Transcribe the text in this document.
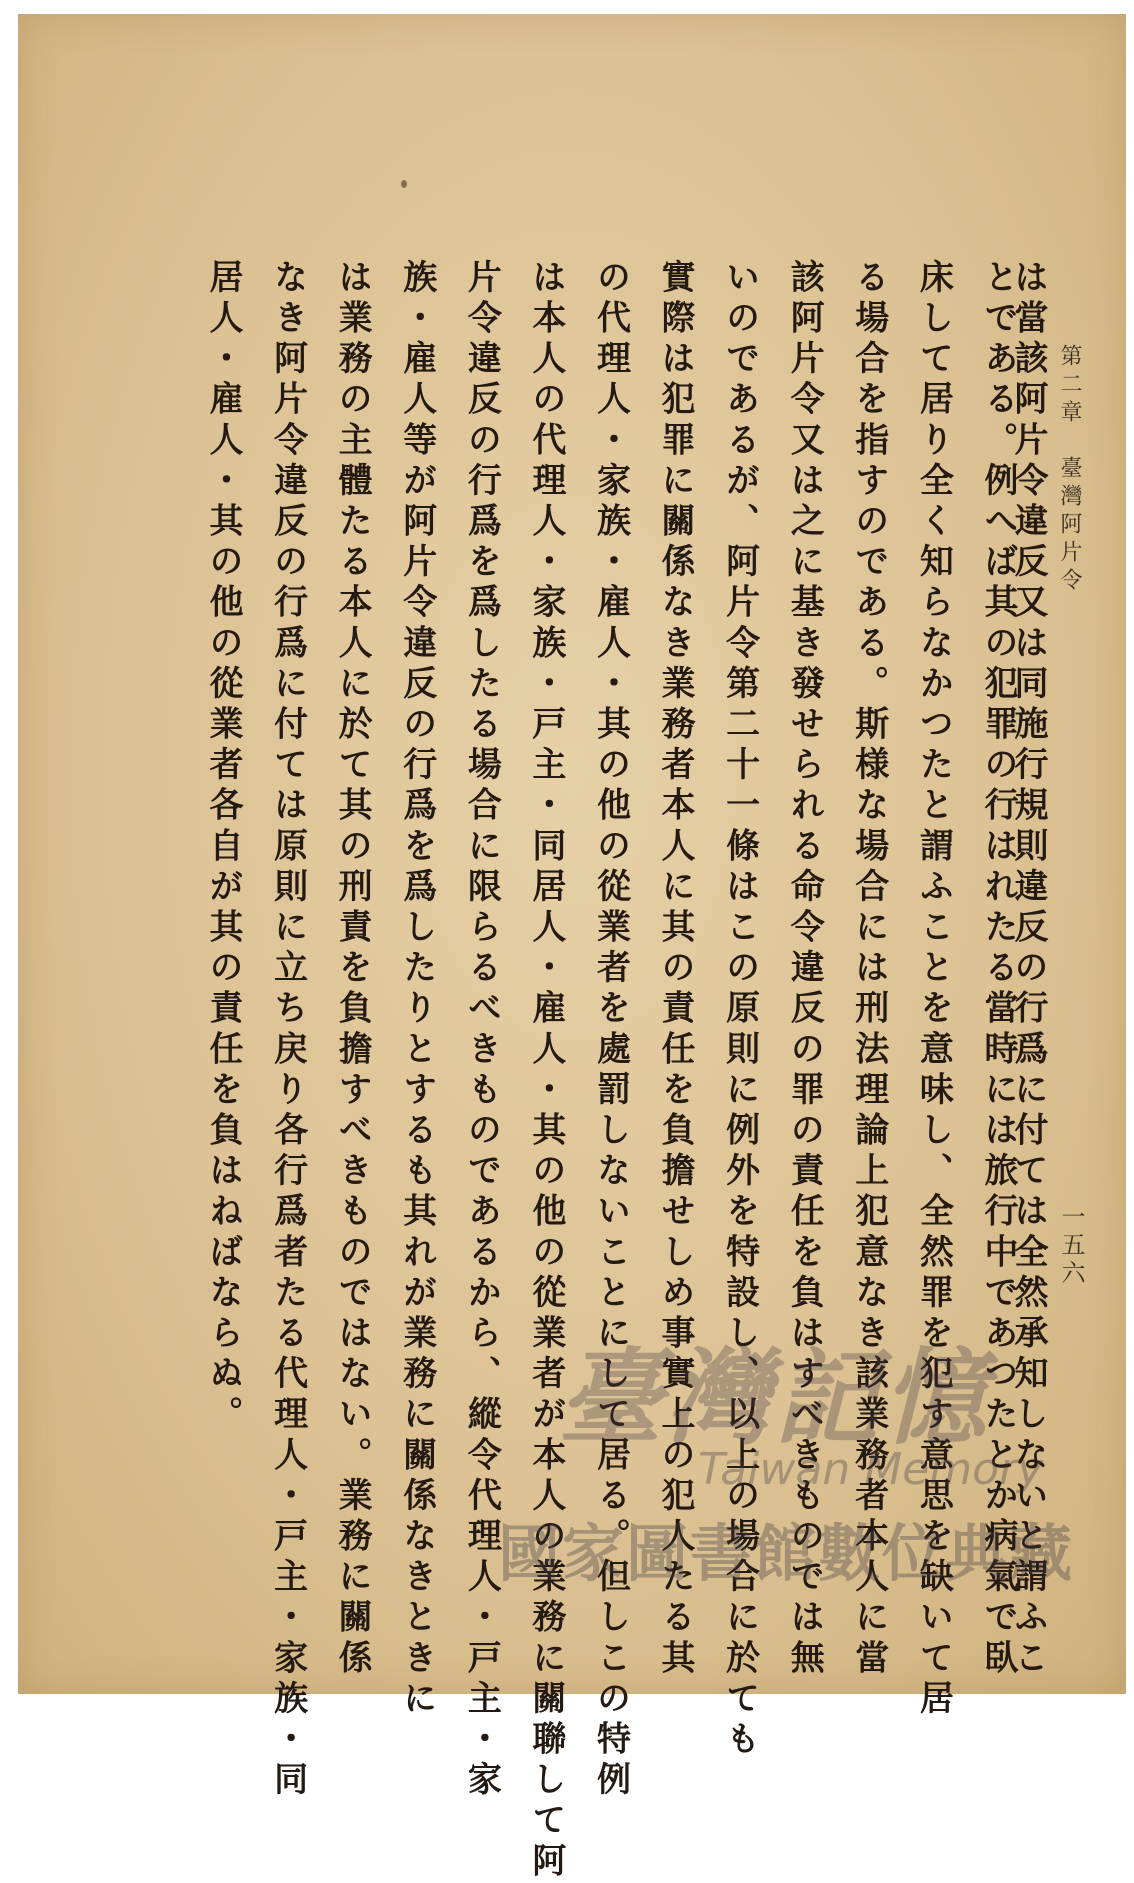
第二章　臺灣阿片令
一五六
とである。例へば其の犯罪の行はれたる當時には旅行中であつたとか病氣で臥
床して居り全く知らなかつたと謂ふことを意味し、全然罪を犯す意思を缺いて居
る場合を指すのである。斯様な場合には刑法理論上犯意なき該業務者本人に當
該阿片令又は之に基き發せられる命令違反の罪の責任を負はすべきものでは無
いのであるが、阿片令第二十一條はこの原則に例外を特設し、以上の場合に於ても
實際は犯罪に關係なき業務者本人に其の責任を負擔せしめ事實上の犯人たる其
の代理人・家族・雇人・其の他の從業者を處罰しないことにして居る。但しこの特例
は本人の代理人・家族・戸主・同居人・雇人・其の他の從業者が本人の業務に關聯して阿
片令違反の行爲を爲したる場合に限らるべきものであるから、縱令代理人・戸主・家
族・雇人等が阿片令違反の行爲を爲したりとするも其れが業務に關係なきときに
は業務の主體たる本人に於て其の刑責を負擔すべきものではない。業務に關係
なき阿片令違反の行爲に付ては原則に立ち戻り各行爲者たる代理人・戸主・家族・同
居人・雇人・其の他の從業者各自が其の責任を負はねばならぬ。	は當該阿片令違反又は同施行規則違反の行爲に付ては全然承知しないと謂ふこ
臺灣記憶
Taiwan Memory
國家圖書館數位典藏
